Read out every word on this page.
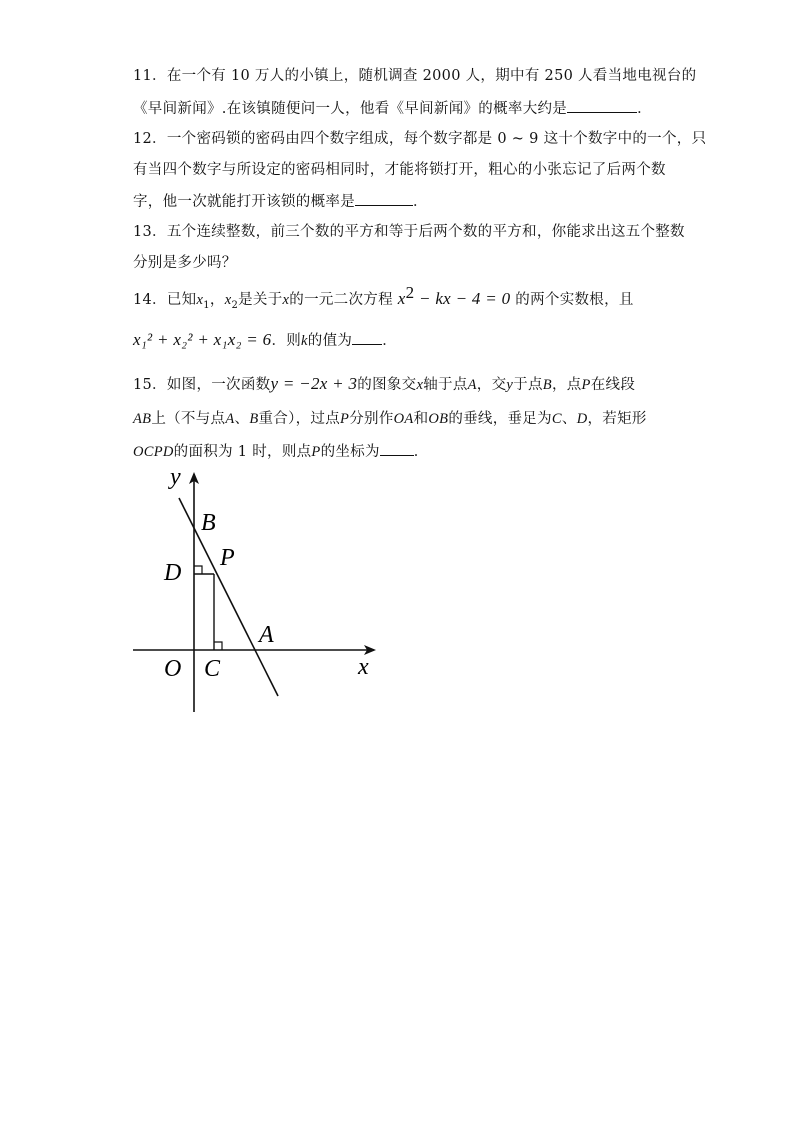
11．在一个有 10 万人的小镇上，随机调查 2000 人，期中有 250 人看当地电视台的
《早间新闻》.在该镇随便问一人，他看《早间新闻》的概率大约是	．
12．一个密码锁的密码由四个数字组成，每个数字都是 0 ~ 9 这十个数字中的一个，只
有当四个数字与所设定的密码相同时，才能将锁打开，粗心的小张忘记了后两个数
字，他一次就能打开该锁的概率是	．
13．五个连续整数，前三个数的平方和等于后两个数的平方和，你能求出这五个整数
分别是多少吗？
14．已知$x_1$，$x_2$是关于x的一元二次方程 $x^2$ − kx − 4 = 0 的两个实数根，且
x₁² + x₂² + x₁x₂ = 6．则k的值为 ．
15．如图，一次函数y = −2x + 3的图象交x轴于点A，交y于点B，点P在线段
AB上（不与点A、B重合），过点P分别作OA和OB的垂线，垂足为C、D，若矩形
OCPD的面积为 1 时，则点P的坐标为 ．
y
x
B
D
P
A
O C
